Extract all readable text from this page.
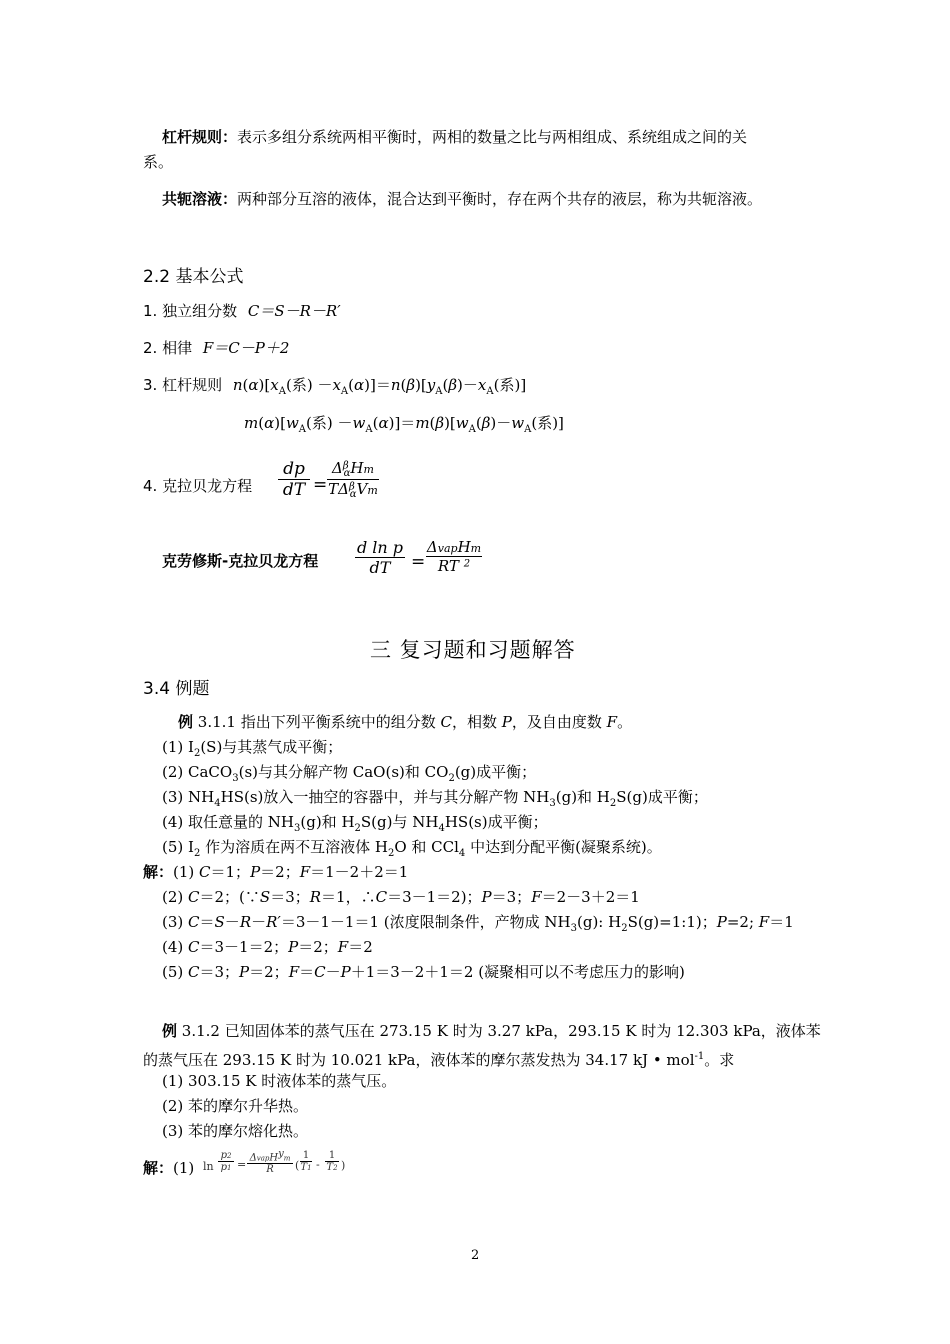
杠杆规则：表示多组分系统两相平衡时，两相的数量之比与两相组成、系统组成之间的关
系。
共轭溶液：两种部分互溶的液体，混合达到平衡时，存在两个共存的液层，称为共轭溶液。
2.2 基本公式
1. 独立组分数 C＝S－R－R′
2. 相律 F＝C－P＋2
3. 杠杆规则 $n(\alpha)[x_A$(系) $-x_A(\alpha)]=n(\beta)[y_A(\beta)-x_A$(系)]
$m(\alpha)[w_A$(系) $-w_A(\alpha)]=m(\beta)[w_A(\beta)-w_A$(系)]
4. 克拉贝龙方程 $\frac{dp}{dT}$ =
$\Delta^\beta_\alpha Hm$
$T\Delta^\beta_\alpha Vm$
克劳修斯-克拉贝龙方程 $\frac{\text{d ln p}}{dT}$ =
ΔvapHm
RT $^2$
三 复习题和习题解答
3.4 例题
例 3.1.1 指出下列平衡系统中的组分数 C，相数 P，及自由度数 F。
(1) $I_2(S)$与其蒸气成平衡；
(2) CaCO$_3$(s)与其分解产物 CaO(s)和 $CO_2(g)$成平衡；
(3) $NH_4HS(s)$放入一抽空的容器中，并与其分解产物 $NH_3(g)$和 $H_2S(g)$成平衡；
(4) 取任意量的 $NH_3(g)$和 $H_2S(g)$与 $NH_4HS(s)$成平衡；
(5) $I_2$ 作为溶质在两不互溶液体 $H_2O$ 和 CCl$_4$ 中达到分配平衡(凝聚系统)。
解：(1) C＝1；P＝2；F＝1－2＋2＝1
(2) C＝2；(∵S＝3；R＝1，∴C＝3－1＝2)；P＝3；F＝2－3＋2＝1
(3) C＝S－R－R′＝3－1－1＝1 (浓度限制条件，产物成 $NH_3(g)$: $H_2S(g)=1:1$)；P=2; F＝1
(4) C＝3－1＝2；P＝2；F＝2
(5) C＝3；P＝2；F＝C－P＋1＝3－2＋1＝2 (凝聚相可以不考虑压力的影响)
例 3.1.2 已知固体苯的蒸气压在 273.15 K 时为 3.27 kPa，293.15 K 时为 12.303 kPa，液体苯
的蒸气压在 293.15 K 时为 10.021 kPa，液体苯的摩尔蒸发热为 34.17 kJ • mol$^{-1}$。求
(1) 303.15 K 时液体苯的蒸气压。
(2) 苯的摩尔升华热。
(3) 苯的摩尔熔化热。
解：(1) $\ln \frac{p2}{p1}$ =
ΔvapH$^y$m
R	( $\frac{1}{T1} - \frac{1}{T2}$ )
2
